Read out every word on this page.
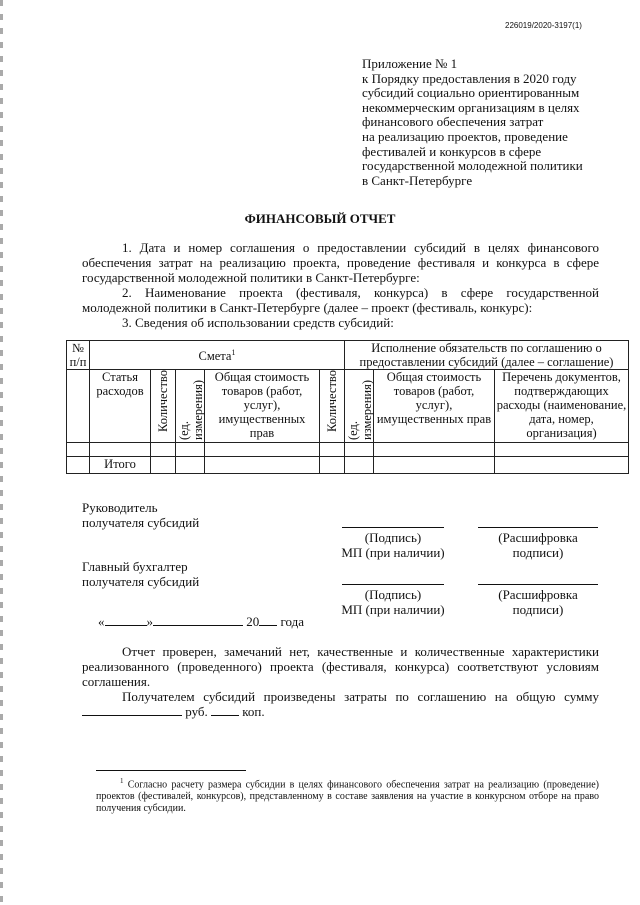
226019/2020-3197(1)
Приложение № 1
к Порядку предоставления в 2020 году
субсидий социально ориентированным
некоммерческим организациям в целях
финансового обеспечения затрат
на реализацию проектов, проведение
фестивалей и конкурсов в сфере
государственной молодежной политики
в Санкт-Петербурге
ФИНАНСОВЫЙ ОТЧЕТ
1. Дата и номер соглашения о предоставлении субсидий в целях финансового обеспечения затрат на реализацию проекта, проведение фестиваля и конкурса в сфере государственной молодежной политики в Санкт-Петербурге:
2. Наименование проекта (фестиваля, конкурса) в сфере государственной молодежной политики в Санкт-Петербурге (далее – проект (фестиваль, конкурс):
3. Сведения об использовании средств субсидий:
№ п/п	Смета$^1$					Исполнение обязательств по соглашению о предоставлении субсидий (далее – соглашение)		
	Статья расходов	Количество	(ед. измерения)	Общая стоимость товаров (работ, услуг), имущественных прав	Количество	(ед. измерения)	Общая стоимость товаров (работ, услуг), имущественных прав	Перечень документов, подтверждающих расходы (наименование, дата, номер, организация)

	Итого							
Руководитель
получателя субсидий
(Подпись)
МП (при наличии)
(Расшифровка
подписи)
Главный бухгалтер
получателя субсидий
(Подпись)
МП (при наличии)
(Расшифровка
подписи)
«	»	20 года
Отчет проверен, замечаний нет, качественные и количественные характеристики реализованного (проведенного) проекта (фестиваля, конкурса) соответствуют условиям соглашения.
Получателем субсидий произведены затраты по соглашению на общую сумму  руб.	коп.
$^1$ Согласно расчету размера субсидии в целях финансового обеспечения затрат на реализацию (проведение) проектов (фестивалей, конкурсов), представленному в составе заявления на участие в конкурсном отборе на право получения субсидии.
